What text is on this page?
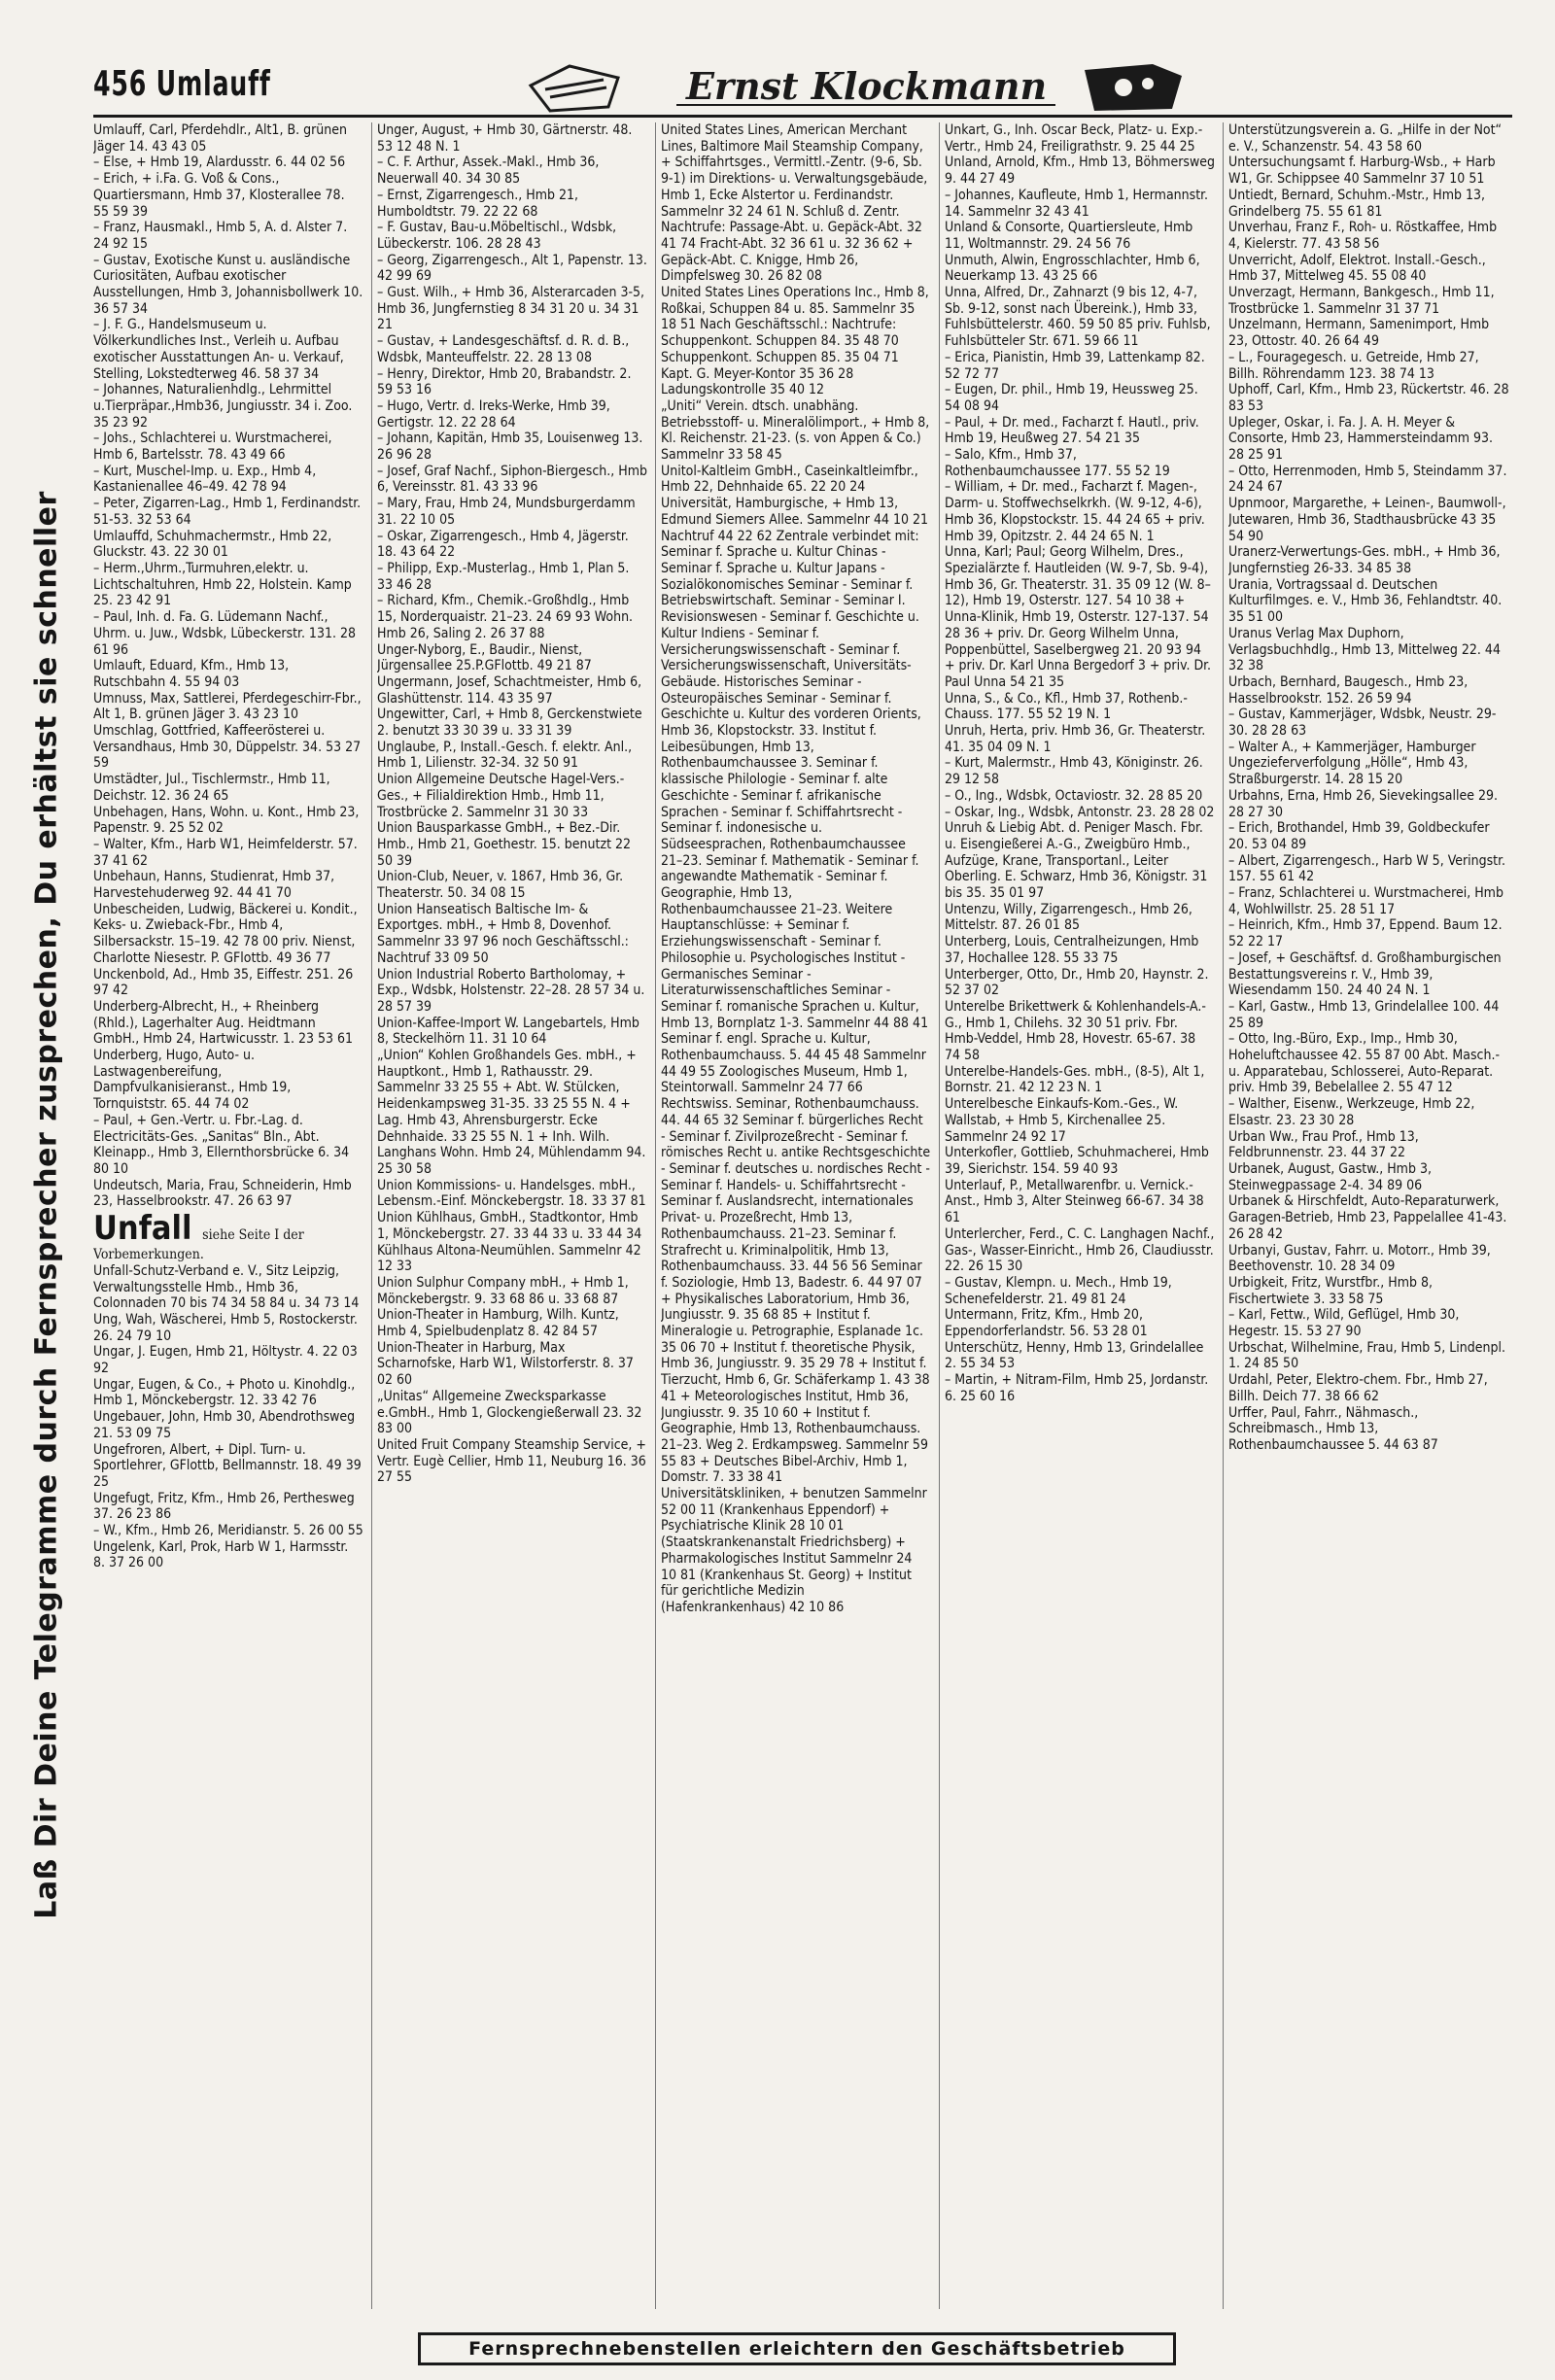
456 Umlauff	Ernst Klockmann
Laß Dir Deine Telegramme durch Fernsprecher zusprechen, Du erhältst sie schneller

Umlauff, Carl, Pferdehdlr., Alt1, B. grünen Jäger 14. 43 43 05

– Else, + Hmb 19, Alardusstr. 6. 44 02 56

– Erich, + i.Fa. G. Voß & Cons., Quartiersmann, Hmb 37, Klosterallee 78. 55 59 39

– Franz, Hausmakl., Hmb 5, A. d. Alster 7. 24 92 15

– Gustav, Exotische Kunst u. ausländische Curiositäten, Aufbau exotischer Ausstellungen, Hmb 3, Johannisbollwerk 10. 36 57 34

– J. F. G., Handelsmuseum u. Völkerkundliches Inst., Verleih u. Aufbau exotischer Ausstattungen An- u. Verkauf, Stelling, Lokstedterweg 46. 58 37 34

– Johannes, Naturalienhdlg., Lehrmittel u.Tierpräpar.,Hmb36, Jungiusstr. 34 i. Zoo. 35 23 92

– Johs., Schlachterei u. Wurstmacherei, Hmb 6, Bartelsstr. 78. 43 49 66

– Kurt, Muschel-Imp. u. Exp., Hmb 4, Kastanienallee 46–49. 42 78 94

– Peter, Zigarren-Lag., Hmb 1, Ferdinandstr. 51-53. 32 53 64

Umlauffd, Schuhmachermstr., Hmb 22, Gluckstr. 43. 22 30 01

– Herm.,Uhrm.,Turmuhren,elektr. u. Lichtschaltuhren, Hmb 22, Holstein. Kamp 25. 23 42 91

– Paul, Inh. d. Fa. G. Lüdemann Nachf., Uhrm. u. Juw., Wdsbk, Lübeckerstr. 131. 28 61 96

Umlauft, Eduard, Kfm., Hmb 13, Rutschbahn 4. 55 94 03

Umnuss, Max, Sattlerei, Pferdegeschirr-Fbr., Alt 1, B. grünen Jäger 3. 43 23 10

Umschlag, Gottfried, Kaffeerösterei u. Versandhaus, Hmb 30, Düppelstr. 34. 53 27 59

Umstädter, Jul., Tischlermstr., Hmb 11, Deichstr. 12. 36 24 65

Unbehagen, Hans, Wohn. u. Kont., Hmb 23, Papenstr. 9. 25 52 02

– Walter, Kfm., Harb W1, Heimfelderstr. 57. 37 41 62

Unbehaun, Hanns, Studienrat, Hmb 37, Harvestehuderweg 92. 44 41 70

Unbescheiden, Ludwig, Bäckerei u. Kondit., Keks- u. Zwieback-Fbr., Hmb 4, Silbersackstr. 15–19. 42 78 00 priv. Nienst, Charlotte Niesestr. P. GFlottb. 49 36 77

Unckenbold, Ad., Hmb 35, Eiffestr. 251. 26 97 42

Underberg-Albrecht, H., + Rheinberg (Rhld.), Lagerhalter Aug. Heidtmann GmbH., Hmb 24, Hartwicusstr. 1. 23 53 61

Underberg, Hugo, Auto- u. Lastwagenbereifung, Dampfvulkanisieranst., Hmb 19, Tornquiststr. 65. 44 74 02

– Paul, + Gen.-Vertr. u. Fbr.-Lag. d. Electricitäts-Ges. „Sanitas“ Bln., Abt. Kleinapp., Hmb 3, Ellernthorsbrücke 6. 34 80 10

Undeutsch, Maria, Frau, Schneiderin, Hmb 23, Hasselbrookstr. 47. 26 63 97

Unfall siehe Seite I der Vorbemerkungen.

Unfall-Schutz-Verband e. V., Sitz Leipzig, Verwaltungsstelle Hmb., Hmb 36, Colonnaden 70 bis 74 34 58 84 u. 34 73 14

Ung, Wah, Wäscherei, Hmb 5, Rostockerstr. 26. 24 79 10

Ungar, J. Eugen, Hmb 21, Höltystr. 4. 22 03 92

Ungar, Eugen, & Co., + Photo u. Kinohdlg., Hmb 1, Mönckebergstr. 12. 33 42 76

Ungebauer, John, Hmb 30, Abendrothsweg 21. 53 09 75

Ungefroren, Albert, + Dipl. Turn- u. Sportlehrer, GFlottb, Bellmannstr. 18. 49 39 25

Ungefugt, Fritz, Kfm., Hmb 26, Perthesweg 37. 26 23 86

– W., Kfm., Hmb 26, Meridianstr. 5. 26 00 55

Ungelenk, Karl, Prok, Harb W 1, Harmsstr. 8. 37 26 00

Unger, August, + Hmb 30, Gärtnerstr. 48. 53 12 48 N. 1

– C. F. Arthur, Assek.-Makl., Hmb 36, Neuerwall 40. 34 30 85

– Ernst, Zigarrengesch., Hmb 21, Humboldtstr. 79. 22 22 68

– F. Gustav, Bau-u.Möbeltischl., Wdsbk, Lübeckerstr. 106. 28 28 43

– Georg, Zigarrengesch., Alt 1, Papenstr. 13. 42 99 69

– Gust. Wilh., + Hmb 36, Alsterarcaden 3-5, Hmb 36, Jungfernstieg 8 34 31 20 u. 34 31 21

– Gustav, + Landesgeschäftsf. d. R. d. B., Wdsbk, Manteuffelstr. 22. 28 13 08

– Henry, Direktor, Hmb 20, Brabandstr. 2. 59 53 16

– Hugo, Vertr. d. Ireks-Werke, Hmb 39, Gertigstr. 12. 22 28 64

– Johann, Kapitän, Hmb 35, Louisenweg 13. 26 96 28

– Josef, Graf Nachf., Siphon-Biergesch., Hmb 6, Vereinsstr. 81. 43 33 96

– Mary, Frau, Hmb 24, Mundsburgerdamm 31. 22 10 05

– Oskar, Zigarrengesch., Hmb 4, Jägerstr. 18. 43 64 22

– Philipp, Exp.-Musterlag., Hmb 1, Plan 5. 33 46 28

– Richard, Kfm., Chemik.-Großhdlg., Hmb 15, Norderquaistr. 21–23. 24 69 93 Wohn. Hmb 26, Saling 2. 26 37 88

Unger-Nyborg, E., Baudir., Nienst, Jürgensallee 25.P.GFlottb. 49 21 87

Ungermann, Josef, Schachtmeister, Hmb 6, Glashüttenstr. 114. 43 35 97

Ungewitter, Carl, + Hmb 8, Gerckenstwiete 2. benutzt 33 30 39 u. 33 31 39

Unglaube, P., Install.-Gesch. f. elektr. Anl., Hmb 1, Lilienstr. 32-34. 32 50 91

Union Allgemeine Deutsche Hagel-Vers.-Ges., + Filialdirektion Hmb., Hmb 11, Trostbrücke 2. Sammelnr 31 30 33

Union Bausparkasse GmbH., + Bez.-Dir. Hmb., Hmb 21, Goethestr. 15. benutzt 22 50 39

Union-Club, Neuer, v. 1867, Hmb 36, Gr. Theaterstr. 50. 34 08 15

Union Hanseatisch Baltische Im- & Exportges. mbH., + Hmb 8, Dovenhof. Sammelnr 33 97 96 noch Geschäftsschl.: Nachtruf 33 09 50

Union Industrial Roberto Bartholomay, + Exp., Wdsbk, Holstenstr. 22–28. 28 57 34 u. 28 57 39

Union-Kaffee-Import W. Langebartels, Hmb 8, Steckelhörn 11. 31 10 64

„Union“ Kohlen Großhandels Ges. mbH., + Hauptkont., Hmb 1, Rathausstr. 29. Sammelnr 33 25 55 + Abt. W. Stülcken, Heidenkampsweg 31-35. 33 25 55 N. 4 + Lag. Hmb 43, Ahrensburgerstr. Ecke Dehnhaide. 33 25 55 N. 1 + Inh. Wilh. Langhans Wohn. Hmb 24, Mühlendamm 94. 25 30 58

Union Kommissions- u. Handelsges. mbH., Lebensm.-Einf. Mönckebergstr. 18. 33 37 81

Union Kühlhaus, GmbH., Stadtkontor, Hmb 1, Mönckebergstr. 27. 33 44 33 u. 33 44 34 Kühlhaus Altona-Neumühlen. Sammelnr 42 12 33

Union Sulphur Company mbH., + Hmb 1, Mönckebergstr. 9. 33 68 86 u. 33 68 87

Union-Theater in Hamburg, Wilh. Kuntz, Hmb 4, Spielbudenplatz 8. 42 84 57

Union-Theater in Harburg, Max Scharnofske, Harb W1, Wilstorferstr. 8. 37 02 60

„Unitas“ Allgemeine Zwecksparkasse e.GmbH., Hmb 1, Glockengießerwall 23. 32 83 00

United Fruit Company Steamship Service, + Vertr. Eugè Cellier, Hmb 11, Neuburg 16. 36 27 55

United States Lines, American Merchant Lines, Baltimore Mail Steamship Company, + Schiffahrtsges., Vermittl.-Zentr. (9-6, Sb. 9-1) im Direktions- u. Verwaltungsgebäude, Hmb 1, Ecke Alstertor u. Ferdinandstr. Sammelnr 32 24 61 N. Schluß d. Zentr. Nachtrufe: Passage-Abt. u. Gepäck-Abt. 32 41 74 Fracht-Abt. 32 36 61 u. 32 36 62 + Gepäck-Abt. C. Knigge, Hmb 26, Dimpfelsweg 30. 26 82 08

United States Lines Operations Inc., Hmb 8, Roßkai, Schuppen 84 u. 85. Sammelnr 35 18 51 Nach Geschäftsschl.: Nachtrufe: Schuppenkont. Schuppen 84. 35 48 70 Schuppenkont. Schuppen 85. 35 04 71 Kapt. G. Meyer-Kontor 35 36 28 Ladungskontrolle 35 40 12

„Uniti“ Verein. dtsch. unabhäng. Betriebsstoff- u. Mineralölimport., + Hmb 8, Kl. Reichenstr. 21-23. (s. von Appen & Co.) Sammelnr 33 58 45

Unitol-Kaltleim GmbH., Caseinkaltleimfbr., Hmb 22, Dehnhaide 65. 22 20 24

Universität, Hamburgische, + Hmb 13, Edmund Siemers Allee. Sammelnr 44 10 21 Nachtruf 44 22 62 Zentrale verbindet mit: Seminar f. Sprache u. Kultur Chinas - Seminar f. Sprache u. Kultur Japans - Sozialökonomisches Seminar - Seminar f. Betriebswirtschaft. Seminar - Seminar I. Revisionswesen - Seminar f. Geschichte u. Kultur Indiens - Seminar f. Versicherungswissenschaft - Seminar f. Versicherungswissenschaft, Universitäts-Gebäude. Historisches Seminar - Osteuropäisches Seminar - Seminar f. Geschichte u. Kultur des vorderen Orients, Hmb 36, Klopstockstr. 33. Institut f. Leibesübungen, Hmb 13, Rothenbaumchaussee 3. Seminar f. klassische Philologie - Seminar f. alte Geschichte - Seminar f. afrikanische Sprachen - Seminar f. Schiffahrtsrecht - Seminar f. indonesische u. Südseesprachen, Rothenbaumchaussee 21–23. Seminar f. Mathematik - Seminar f. angewandte Mathematik - Seminar f. Geographie, Hmb 13, Rothenbaumchaussee 21–23. Weitere Hauptanschlüsse: + Seminar f. Erziehungswissenschaft - Seminar f. Philosophie u. Psychologisches Institut - Germanisches Seminar - Literaturwissenschaftliches Seminar - Seminar f. romanische Sprachen u. Kultur, Hmb 13, Bornplatz 1-3. Sammelnr 44 88 41 Seminar f. engl. Sprache u. Kultur, Rothenbaumchauss. 5. 44 45 48 Sammelnr 44 49 55 Zoologisches Museum, Hmb 1, Steintorwall. Sammelnr 24 77 66 Rechtswiss. Seminar, Rothenbaumchauss. 44. 44 65 32 Seminar f. bürgerliches Recht - Seminar f. Zivilprozeßrecht - Seminar f. römisches Recht u. antike Rechtsgeschichte - Seminar f. deutsches u. nordisches Recht - Seminar f. Handels- u. Schiffahrtsrecht - Seminar f. Auslandsrecht, internationales Privat- u. Prozeßrecht, Hmb 13, Rothenbaumchauss. 21–23. Seminar f. Strafrecht u. Kriminalpolitik, Hmb 13, Rothenbaumchauss. 33. 44 56 56 Seminar f. Soziologie, Hmb 13, Badestr. 6. 44 97 07 + Physikalisches Laboratorium, Hmb 36, Jungiusstr. 9. 35 68 85 + Institut f. Mineralogie u. Petrographie, Esplanade 1c. 35 06 70 + Institut f. theoretische Physik, Hmb 36, Jungiusstr. 9. 35 29 78 + Institut f. Tierzucht, Hmb 6, Gr. Schäferkamp 1. 43 38 41 + Meteorologisches Institut, Hmb 36, Jungiusstr. 9. 35 10 60 + Institut f. Geographie, Hmb 13, Rothenbaumchauss. 21–23. Weg 2. Erdkampsweg. Sammelnr 59 55 83 + Deutsches Bibel-Archiv, Hmb 1, Domstr. 7. 33 38 41

Universitätskliniken, + benutzen Sammelnr 52 00 11 (Krankenhaus Eppendorf) + Psychiatrische Klinik 28 10 01 (Staatskrankenanstalt Friedrichsberg) + Pharmakologisches Institut Sammelnr 24 10 81 (Krankenhaus St. Georg) + Institut für gerichtliche Medizin (Hafenkrankenhaus) 42 10 86

Unkart, G., Inh. Oscar Beck, Platz- u. Exp.-Vertr., Hmb 24, Freiligrathstr. 9. 25 44 25

Unland, Arnold, Kfm., Hmb 13, Böhmersweg 9. 44 27 49

– Johannes, Kaufleute, Hmb 1, Hermannstr. 14. Sammelnr 32 43 41

Unland & Consorte, Quartiersleute, Hmb 11, Woltmannstr. 29. 24 56 76

Unmuth, Alwin, Engrosschlachter, Hmb 6, Neuerkamp 13. 43 25 66

Unna, Alfred, Dr., Zahnarzt (9 bis 12, 4-7, Sb. 9-12, sonst nach Übereink.), Hmb 33, Fuhlsbüttelerstr. 460. 59 50 85 priv. Fuhlsb, Fuhlsbütteler Str. 671. 59 66 11

– Erica, Pianistin, Hmb 39, Lattenkamp 82. 52 72 77

– Eugen, Dr. phil., Hmb 19, Heussweg 25. 54 08 94

– Paul, + Dr. med., Facharzt f. Hautl., priv. Hmb 19, Heußweg 27. 54 21 35

– Salo, Kfm., Hmb 37, Rothenbaumchaussee 177. 55 52 19

– William, + Dr. med., Facharzt f. Magen-, Darm- u. Stoffwechselkrkh. (W. 9-12, 4-6), Hmb 36, Klopstockstr. 15. 44 24 65 + priv. Hmb 39, Opitzstr. 2. 44 24 65 N. 1

Unna, Karl; Paul; Georg Wilhelm, Dres., Spezialärzte f. Hautleiden (W. 9-7, Sb. 9-4), Hmb 36, Gr. Theaterstr. 31. 35 09 12 (W. 8–12), Hmb 19, Osterstr. 127. 54 10 38 + Unna-Klinik, Hmb 19, Osterstr. 127-137. 54 28 36 + priv. Dr. Georg Wilhelm Unna, Poppenbüttel, Saselbergweg 21. 20 93 94 + priv. Dr. Karl Unna Bergedorf 3 + priv. Dr. Paul Unna 54 21 35

Unna, S., & Co., Kfl., Hmb 37, Rothenb.-Chauss. 177. 55 52 19 N. 1

Unruh, Herta, priv. Hmb 36, Gr. Theaterstr. 41. 35 04 09 N. 1

– Kurt, Malermstr., Hmb 43, Königinstr. 26. 29 12 58

– O., Ing., Wdsbk, Octaviostr. 32. 28 85 20

– Oskar, Ing., Wdsbk, Antonstr. 23. 28 28 02

Unruh & Liebig Abt. d. Peniger Masch. Fbr. u. Eisengießerei A.-G., Zweigbüro Hmb., Aufzüge, Krane, Transportanl., Leiter Oberling. E. Schwarz, Hmb 36, Königstr. 31 bis 35. 35 01 97

Untenzu, Willy, Zigarrengesch., Hmb 26, Mittelstr. 87. 26 01 85

Unterberg, Louis, Centralheizungen, Hmb 37, Hochallee 128. 55 33 75

Unterberger, Otto, Dr., Hmb 20, Haynstr. 2. 52 37 02

Unterelbe Brikettwerk & Kohlenhandels-A.-G., Hmb 1, Chilehs. 32 30 51 priv. Fbr. Hmb-Veddel, Hmb 28, Hovestr. 65-67. 38 74 58

Unterelbe-Handels-Ges. mbH., (8-5), Alt 1, Bornstr. 21. 42 12 23 N. 1

Unterelbesche Einkaufs-Kom.-Ges., W. Wallstab, + Hmb 5, Kirchenallee 25. Sammelnr 24 92 17

Unterkofler, Gottlieb, Schuhmacherei, Hmb 39, Sierichstr. 154. 59 40 93

Unterlauf, P., Metallwarenfbr. u. Vernick.-Anst., Hmb 3, Alter Steinweg 66-67. 34 38 61

Unterlercher, Ferd., C. C. Langhagen Nachf., Gas-, Wasser-Einricht., Hmb 26, Claudiusstr. 22. 26 15 30

– Gustav, Klempn. u. Mech., Hmb 19, Schenefelderstr. 21. 49 81 24

Untermann, Fritz, Kfm., Hmb 20, Eppendorferlandstr. 56. 53 28 01

Unterschütz, Henny, Hmb 13, Grindelallee 2. 55 34 53

– Martin, + Nitram-Film, Hmb 25, Jordanstr. 6. 25 60 16

Unterstützungsverein a. G. „Hilfe in der Not“ e. V., Schanzenstr. 54. 43 58 60

Untersuchungsamt f. Harburg-Wsb., + Harb W1, Gr. Schippsee 40 Sammelnr 37 10 51

Untiedt, Bernard, Schuhm.-Mstr., Hmb 13, Grindelberg 75. 55 61 81

Unverhau, Franz F., Roh- u. Röstkaffee, Hmb 4, Kielerstr. 77. 43 58 56

Unverricht, Adolf, Elektrot. Install.-Gesch., Hmb 37, Mittelweg 45. 55 08 40

Unverzagt, Hermann, Bankgesch., Hmb 11, Trostbrücke 1. Sammelnr 31 37 71

Unzelmann, Hermann, Samenimport, Hmb 23, Ottostr. 40. 26 64 49

– L., Fouragegesch. u. Getreide, Hmb 27, Billh. Röhrendamm 123. 38 74 13

Uphoff, Carl, Kfm., Hmb 23, Rückertstr. 46. 28 83 53

Upleger, Oskar, i. Fa. J. A. H. Meyer & Consorte, Hmb 23, Hammersteindamm 93. 28 25 91

– Otto, Herrenmoden, Hmb 5, Steindamm 37. 24 24 67

Upnmoor, Margarethe, + Leinen-, Baumwoll-, Jutewaren, Hmb 36, Stadthausbrücke 43 35 54 90

Uranerz-Verwertungs-Ges. mbH., + Hmb 36, Jungfernstieg 26-33. 34 85 38

Urania, Vortragssaal d. Deutschen Kulturfilmges. e. V., Hmb 36, Fehlandtstr. 40. 35 51 00

Uranus Verlag Max Duphorn, Verlagsbuchhdlg., Hmb 13, Mittelweg 22. 44 32 38

Urbach, Bernhard, Baugesch., Hmb 23, Hasselbrookstr. 152. 26 59 94

– Gustav, Kammerjäger, Wdsbk, Neustr. 29-30. 28 28 63

– Walter A., + Kammerjäger, Hamburger Ungezieferverfolgung „Hölle“, Hmb 43, Straßburgerstr. 14. 28 15 20

Urbahns, Erna, Hmb 26, Sievekingsallee 29. 28 27 30

– Erich, Brothandel, Hmb 39, Goldbeckufer 20. 53 04 89

– Albert, Zigarrengesch., Harb W 5, Veringstr. 157. 55 61 42

– Franz, Schlachterei u. Wurstmacherei, Hmb 4, Wohlwillstr. 25. 28 51 17

– Heinrich, Kfm., Hmb 37, Eppend. Baum 12. 52 22 17

– Josef, + Geschäftsf. d. Großhamburgischen Bestattungsvereins r. V., Hmb 39, Wiesendamm 150. 24 40 24 N. 1

– Karl, Gastw., Hmb 13, Grindelallee 100. 44 25 89

– Otto, Ing.-Büro, Exp., Imp., Hmb 30, Hoheluftchaussee 42. 55 87 00 Abt. Masch.- u. Apparatebau, Schlosserei, Auto-Reparat. priv. Hmb 39, Bebelallee 2. 55 47 12

– Walther, Eisenw., Werkzeuge, Hmb 22, Elsastr. 23. 23 30 28

Urban Ww., Frau Prof., Hmb 13, Feldbrunnenstr. 23. 44 37 22

Urbanek, August, Gastw., Hmb 3, Steinwegpassage 2-4. 34 89 06

Urbanek & Hirschfeldt, Auto-Reparaturwerk, Garagen-Betrieb, Hmb 23, Pappelallee 41-43. 26 28 42

Urbanyi, Gustav, Fahrr. u. Motorr., Hmb 39, Beethovenstr. 10. 28 34 09

Urbigkeit, Fritz, Wurstfbr., Hmb 8, Fischertwiete 3. 33 58 75

– Karl, Fettw., Wild, Geflügel, Hmb 30, Hegestr. 15. 53 27 90

Urbschat, Wilhelmine, Frau, Hmb 5, Lindenpl. 1. 24 85 50

Urdahl, Peter, Elektro-chem. Fbr., Hmb 27, Billh. Deich 77. 38 66 62

Urffer, Paul, Fahrr., Nähmasch., Schreibmasch., Hmb 13, Rothenbaumchaussee 5. 44 63 87

Fernsprechnebenstellen erleichtern den Geschäftsbetrieb
